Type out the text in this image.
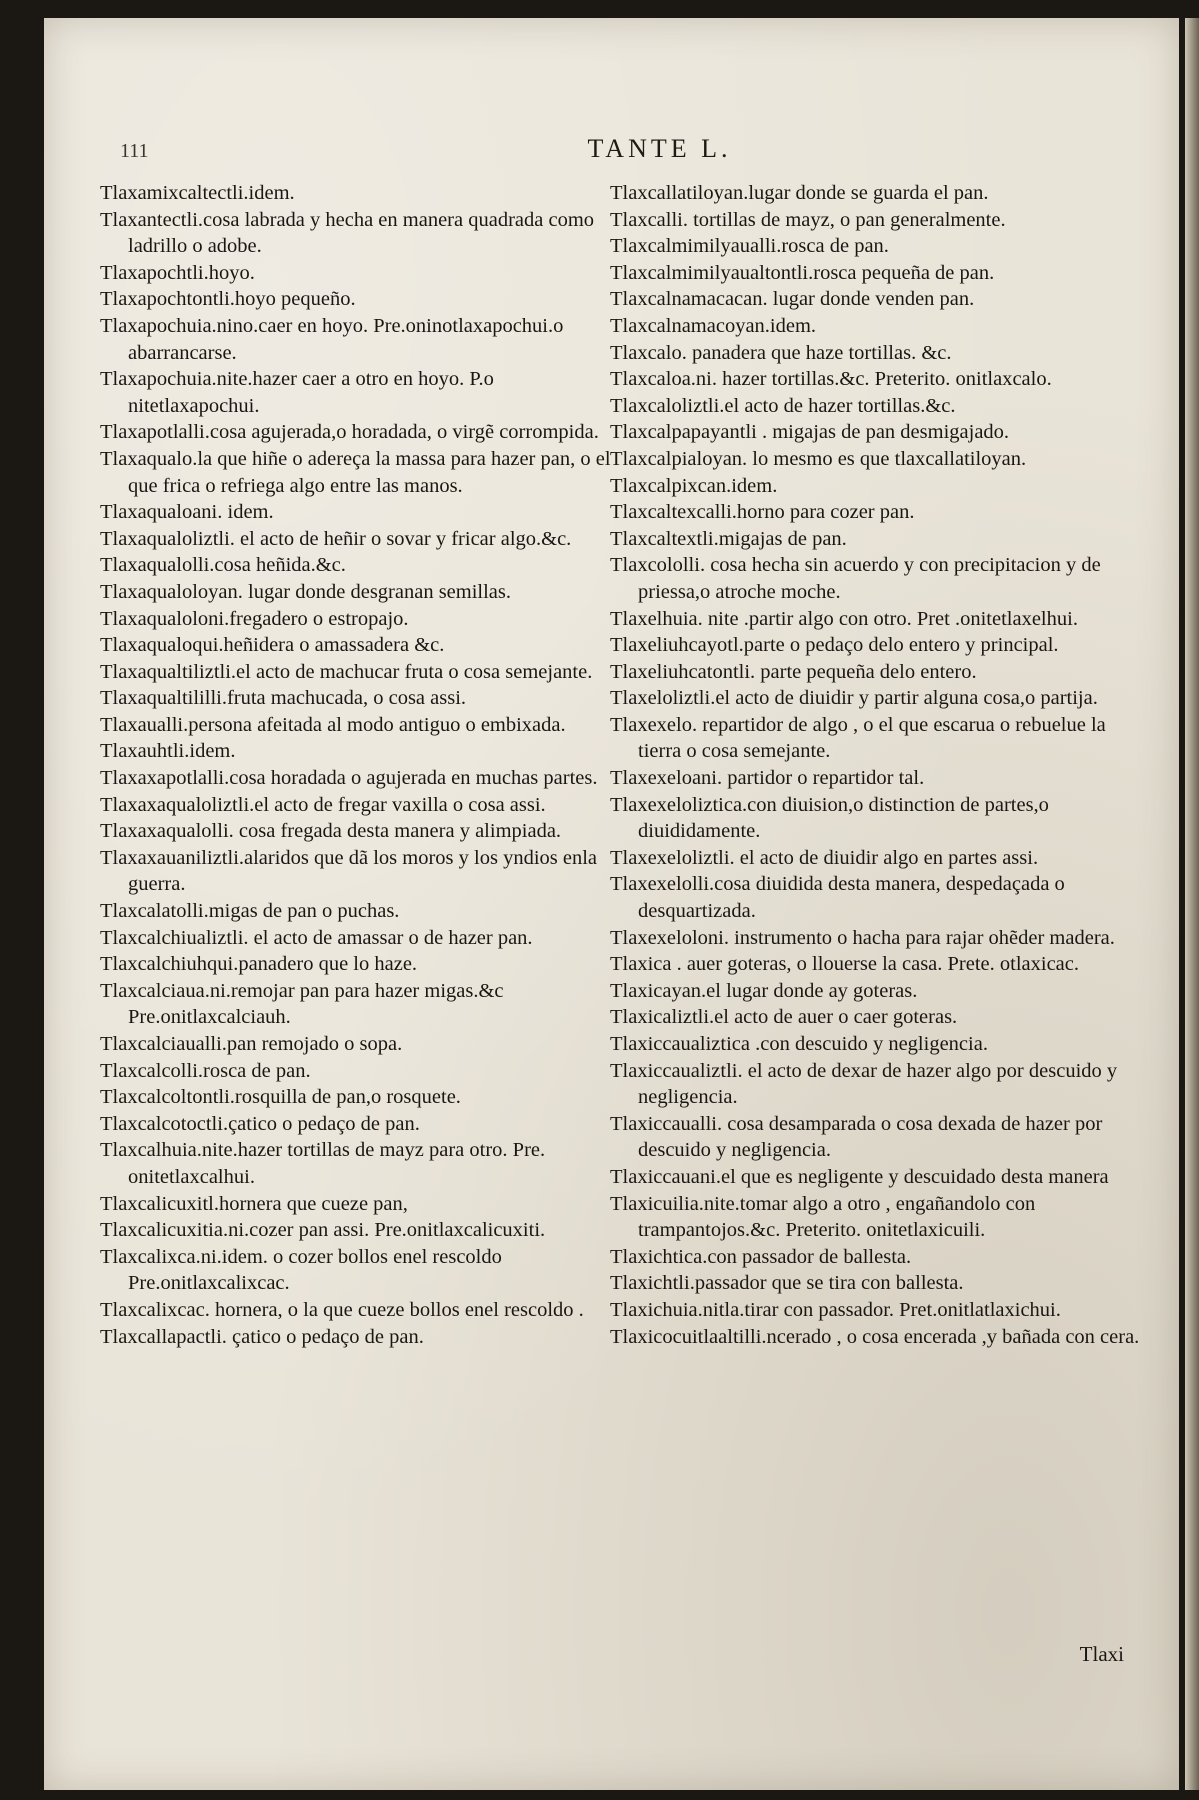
111	TANTE L.

Tlaxamixcaltectli.idem.

Tlaxantectli.cosa labrada y hecha en manera quadrada como ladrillo o adobe.

Tlaxapochtli.hoyo.

Tlaxapochtontli.hoyo pequeño.

Tlaxapochuia.nino.caer en hoyo. Pre.oninotlaxapochui.o abarrancarse.

Tlaxapochuia.nite.hazer caer a otro en hoyo. P.o nitetlaxapochui.

Tlaxapotlalli.cosa agujerada,o horadada, o virgẽ corrompida.

Tlaxaqualo.la que hiñe o adereça la massa para hazer pan, o el que frica o refriega algo entre las manos.

Tlaxaqualoani. idem.

Tlaxaqualoliztli. el acto de heñir o sovar y fricar algo.&c.

Tlaxaqualolli.cosa heñida.&c.

Tlaxaqualoloyan. lugar donde desgranan semillas.

Tlaxaqualoloni.fregadero o estropajo.

Tlaxaqualoqui.heñidera o amassadera &c.

Tlaxaqualtiliztli.el acto de machucar fruta o cosa semejante.

Tlaxaqualtililli.fruta machucada, o cosa assi.

Tlaxaualli.persona afeitada al modo antiguo o embixada.

Tlaxauhtli.idem.

Tlaxaxapotlalli.cosa horadada o agujerada en muchas partes.

Tlaxaxaqualoliztli.el acto de fregar vaxilla o cosa assi.

Tlaxaxaqualolli. cosa fregada desta manera y alimpiada.

Tlaxaxauaniliztli.alaridos que dã los moros y los yndios enla guerra.

Tlaxcalatolli.migas de pan o puchas.

Tlaxcalchiualiztli. el acto de amassar o de hazer pan.

Tlaxcalchiuhqui.panadero que lo haze.

Tlaxcalciaua.ni.remojar pan para hazer migas.&c Pre.onitlaxcalciauh.

Tlaxcalciaualli.pan remojado o sopa.

Tlaxcalcolli.rosca de pan.

Tlaxcalcoltontli.rosquilla de pan,o rosquete.

Tlaxcalcotoctli.çatico o pedaço de pan.

Tlaxcalhuia.nite.hazer tortillas de mayz para otro. Pre. onitetlaxcalhui.

Tlaxcalicuxitl.hornera que cueze pan,

Tlaxcalicuxitia.ni.cozer pan assi. Pre.onitlaxcalicuxiti.

Tlaxcalixca.ni.idem. o cozer bollos enel rescoldo Pre.onitlaxcalixcac.

Tlaxcalixcac. hornera, o la que cueze bollos enel rescoldo .

Tlaxcallapactli. çatico o pedaço de pan.

Tlaxcallatiloyan.lugar donde se guarda el pan.

Tlaxcalli. tortillas de mayz, o pan generalmente.

Tlaxcalmimilyaualli.rosca de pan.

Tlaxcalmimilyaualtontli.rosca pequeña de pan.

Tlaxcalnamacacan. lugar donde venden pan.

Tlaxcalnamacoyan.idem.

Tlaxcalo. panadera que haze tortillas. &c.

Tlaxcaloa.ni. hazer tortillas.&c. Preterito. onitlaxcalo.

Tlaxcaloliztli.el acto de hazer tortillas.&c.

Tlaxcalpapayantli . migajas de pan desmigajado.

Tlaxcalpialoyan. lo mesmo es que tlaxcallatiloyan.

Tlaxcalpixcan.idem.

Tlaxcaltexcalli.horno para cozer pan.

Tlaxcaltextli.migajas de pan.

Tlaxcololli. cosa hecha sin acuerdo y con precipitacion y de priessa,o atroche moche.

Tlaxelhuia. nite .partir algo con otro. Pret .onitetlaxelhui.

Tlaxeliuhcayotl.parte o pedaço delo entero y principal.

Tlaxeliuhcatontli. parte pequeña delo entero.

Tlaxeloliztli.el acto de diuidir y partir alguna cosa,o partija.

Tlaxexelo. repartidor de algo , o el que escarua o rebuelue la tierra o cosa semejante.

Tlaxexeloani. partidor o repartidor tal.

Tlaxexeloliztica.con diuision,o distinction de partes,o diuididamente.

Tlaxexeloliztli. el acto de diuidir algo en partes assi.

Tlaxexelolli.cosa diuidida desta manera, despedaçada o desquartizada.

Tlaxexeloloni. instrumento o hacha para rajar ohẽder madera.

Tlaxica . auer goteras, o llouerse la casa. Prete. otlaxicac.

Tlaxicayan.el lugar donde ay goteras.

Tlaxicaliztli.el acto de auer o caer goteras.

Tlaxiccaualiztica .con descuido y negligencia.

Tlaxiccaualiztli. el acto de dexar de hazer algo por descuido y negligencia.

Tlaxiccaualli. cosa desamparada o cosa dexada de hazer por descuido y negligencia.

Tlaxiccauani.el que es negligente y descuidado desta manera

Tlaxicuilia.nite.tomar algo a otro , engañandolo con trampantojos.&c. Preterito. onitetlaxicuili.

Tlaxichtica.con passador de ballesta.

Tlaxichtli.passador que se tira con ballesta.

Tlaxichuia.nitla.tirar con passador. Pret.onitlatlaxichui.

Tlaxicocuitlaaltilli.ncerado , o cosa encerada ,y bañada con cera.

Tlaxi
